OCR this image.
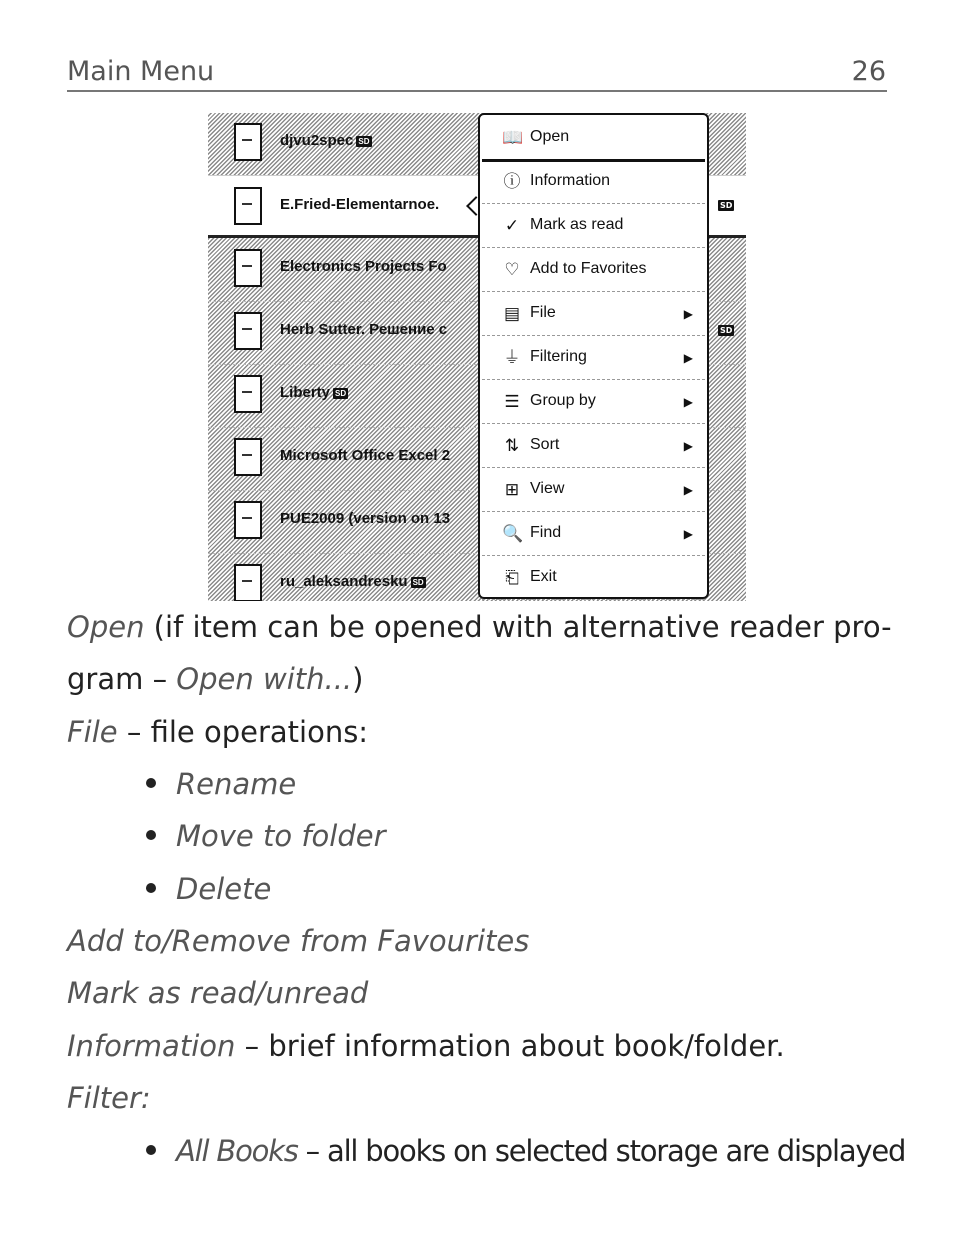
Main Menu	26
djvu2spec SD
E.Fried-Elementarnoe.	SD
Electronics Projects Fo
Herb Sutter. Решение с	SD
Liberty SD
Microsoft Office Excel 2
PUE2009 (version on 13
ru_aleksandresku SD
📖 Open
ⓘ Information
✓ Mark as read
♡ Add to Favorites
▤ File	▶
⏚ Filtering	▶
☰ Group by	▶
⇅ Sort	▶
⊞ View	▶
🔍 Find	▶
⎗ Exit
Open (if item can be opened with alternative reader pro-
gram – Open with...)
File – file operations:
Rename
Move to folder
Delete
Add to/Remove from Favourites
Mark as read/unread
Information – brief information about book/folder.
Filter:
All Books – all books on selected storage are displayed
